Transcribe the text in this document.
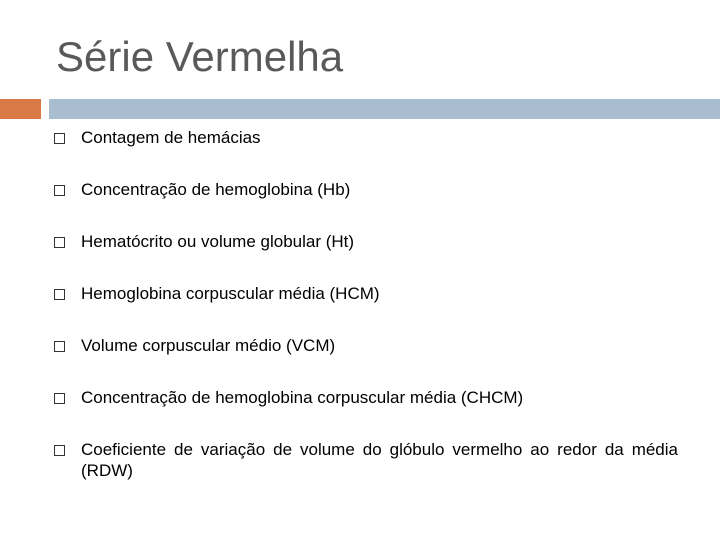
Série Vermelha
Contagem de hemácias
Concentração de hemoglobina (Hb)
Hematócrito ou volume globular (Ht)
Hemoglobina corpuscular média (HCM)
Volume corpuscular médio (VCM)
Concentração de hemoglobina corpuscular média (CHCM)
Coeficiente de variação de volume do glóbulo vermelho ao redor da média (RDW)
